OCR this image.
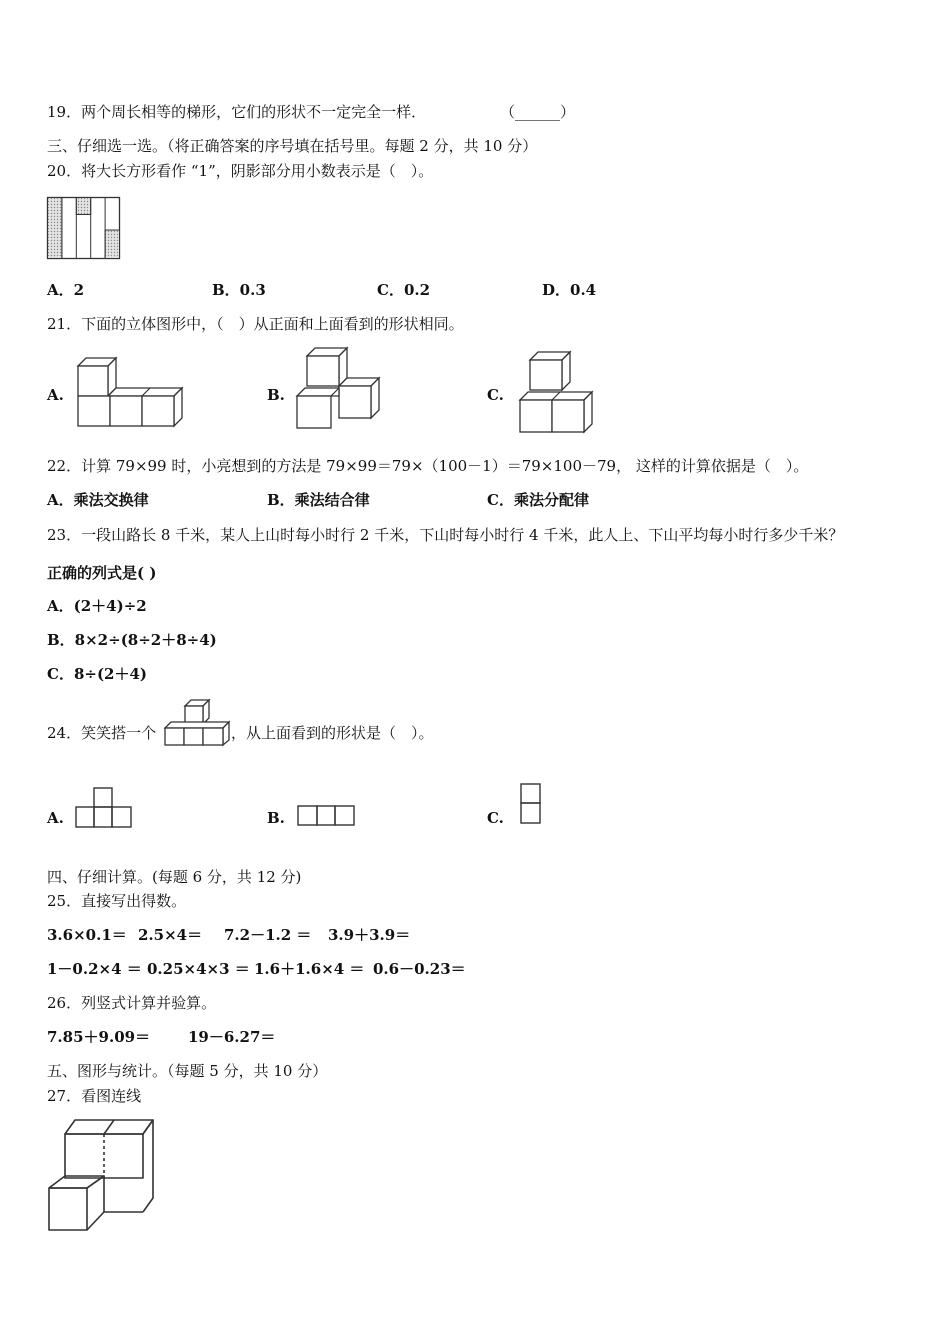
19．两个周长相等的梯形，它们的形状不一定完全一样．	（______）
三、仔细选一选。（将正确答案的序号填在括号里。每题 2 分，共 10 分）
20．将大长方形看作 “1”，阴影部分用小数表示是（　）。
A．2	B．0.3	C．0.2	D．0.4
21．下面的立体图形中，（　）从正面和上面看到的形状相同。
A.	B.	C.
22．计算 79×99 时，小亮想到的方法是 79×99＝79×（100－1）＝79×100－79， 这样的计算依据是（　）。
A．乘法交换律	B．乘法结合律	C．乘法分配律
23．一段山路长 8 千米，某人上山时每小时行 2 千米，下山时每小时行 4 千米，此人上、下山平均每小时行多少千米？
正确的列式是( )
A．(2＋4)÷2
B．8×2÷(8÷2＋8÷4)
C．8÷(2＋4)
24．笑笑搭一个	，从上面看到的形状是（　）。
A.	B.	C.
四、仔细计算。(每题 6 分，共 12 分)
25．直接写出得数。
3.6×0.1＝ 2.5×4＝ 7.2－1.2 ＝ 3.9＋3.9＝
1－0.2×4 ＝ 0.25×4×3 ＝ 1.6＋1.6×4 ＝ 0.6－0.23＝
26．列竖式计算并验算。
7.85＋9.09＝	19－6.27＝
五、图形与统计。（每题 5 分，共 10 分）
27．看图连线
